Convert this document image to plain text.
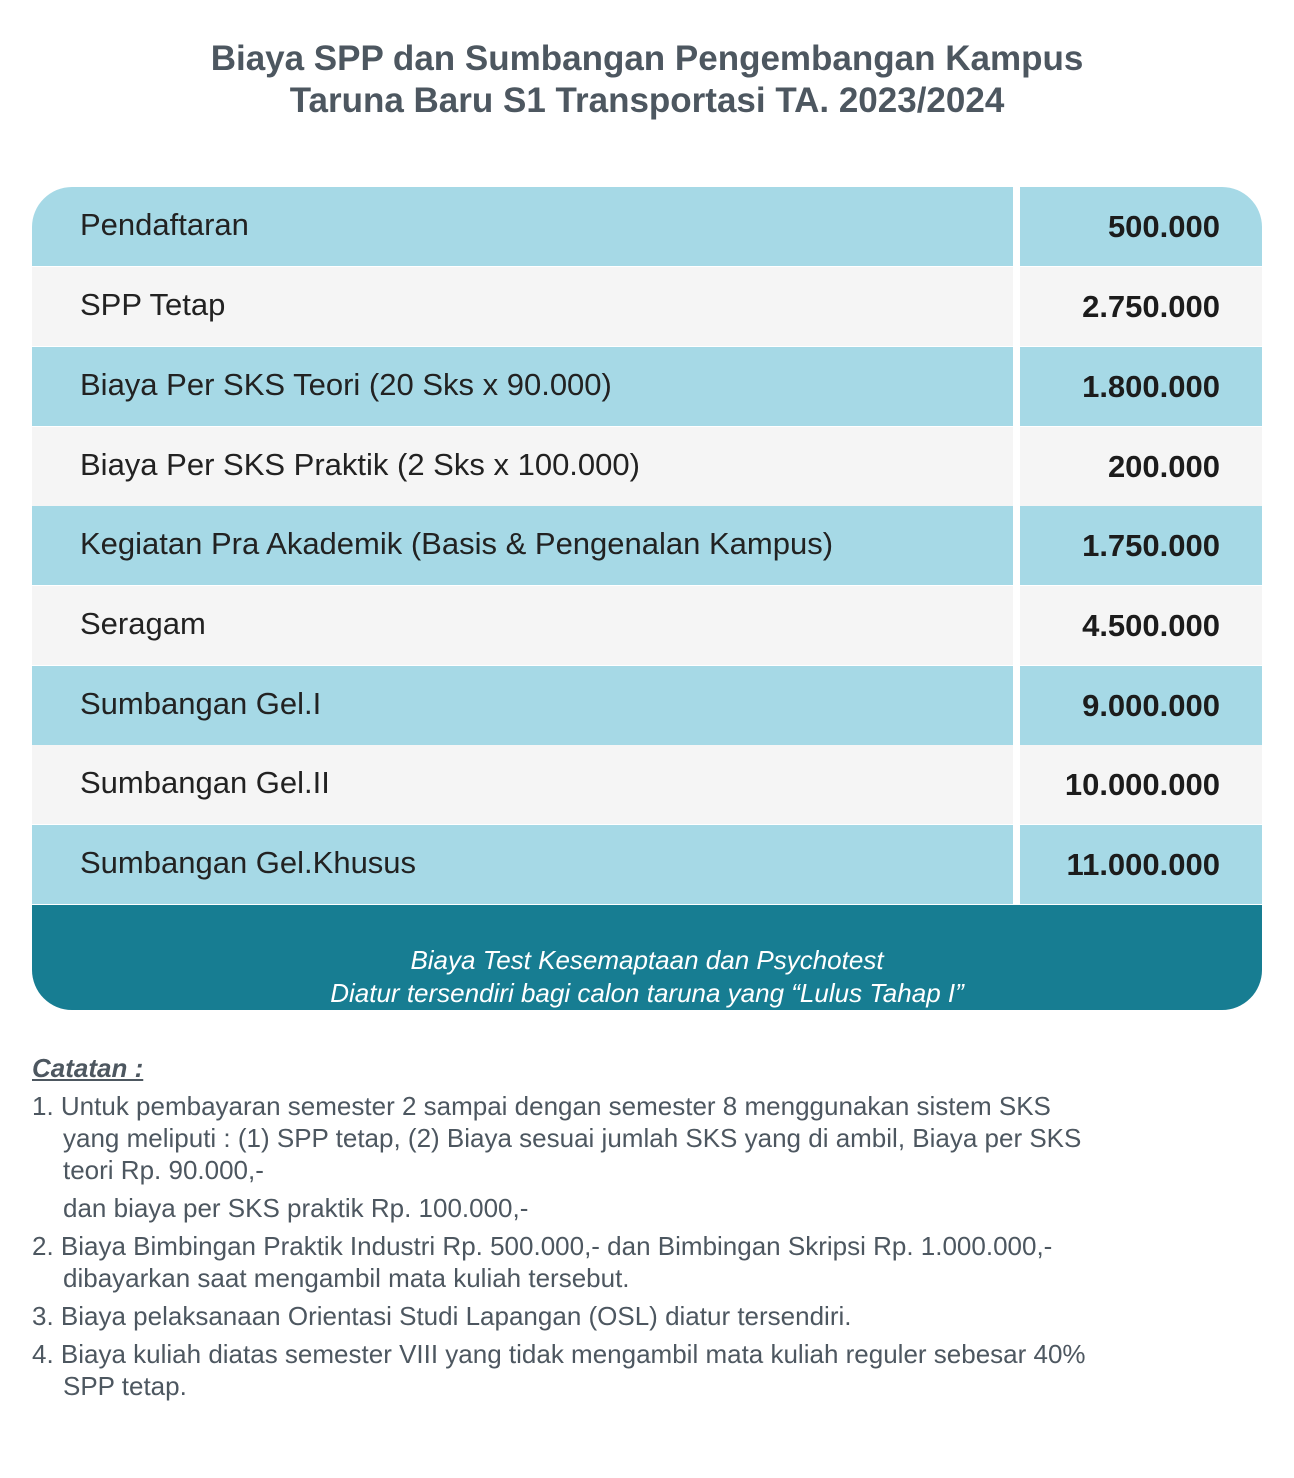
Biaya SPP dan Sumbangan Pengembangan Kampus
Taruna Baru S1 Transportasi TA. 2023/2024
Pendaftaran	500.000
SPP Tetap	2.750.000
Biaya Per SKS Teori (20 Sks x 90.000)	1.800.000
Biaya Per SKS Praktik (2 Sks x 100.000)	200.000
Kegiatan Pra Akademik (Basis & Pengenalan Kampus)	1.750.000
Seragam	4.500.000
Sumbangan Gel.I	9.000.000
Sumbangan Gel.II	10.000.000
Sumbangan Gel.Khusus	11.000.000
Biaya Test Kesemaptaan dan Psychotest
Diatur tersendiri bagi calon taruna yang “Lulus Tahap I”
Catatan :
1. Untuk pembayaran semester 2 sampai dengan semester 8 menggunakan sistem SKS
yang meliputi : (1) SPP tetap, (2) Biaya sesuai jumlah SKS yang di ambil, Biaya per SKS
teori Rp. 90.000,-
dan biaya per SKS praktik Rp. 100.000,-
2. Biaya Bimbingan Praktik Industri Rp. 500.000,- dan Bimbingan Skripsi Rp. 1.000.000,-
dibayarkan saat mengambil mata kuliah tersebut.
3. Biaya pelaksanaan Orientasi Studi Lapangan (OSL) diatur tersendiri.
4. Biaya kuliah diatas semester VIII yang tidak mengambil mata kuliah reguler sebesar 40%
SPP tetap.
